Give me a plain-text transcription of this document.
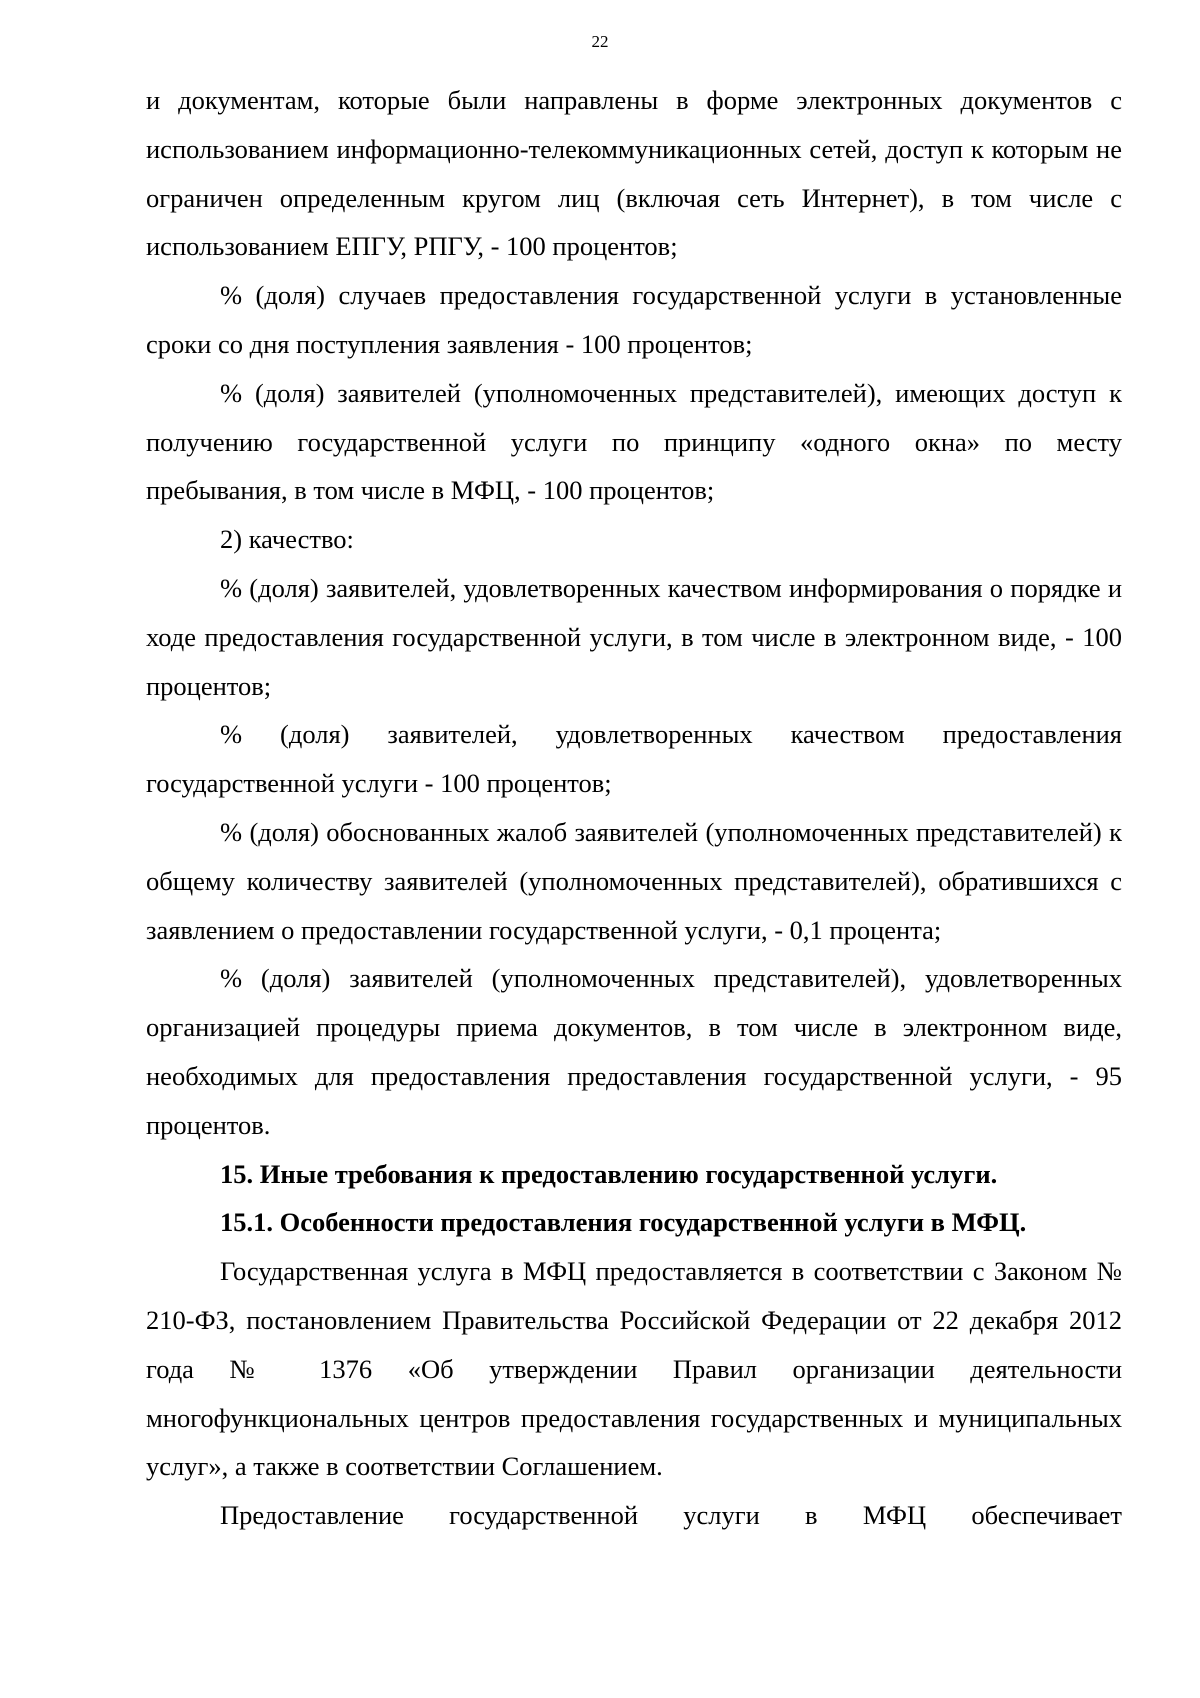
22

и документам, которые были направлены в форме электронных документов с использованием информационно-телекоммуникационных сетей, доступ к которым не ограничен определенным кругом лиц (включая сеть Интернет), в том числе с использованием ЕПГУ, РПГУ, - 100 процентов;

% (доля) случаев предоставления государственной услуги в установленные сроки со дня поступления заявления - 100 процентов;

% (доля) заявителей (уполномоченных представителей), имеющих доступ к получению государственной услуги по принципу «одного окна» по месту пребывания, в том числе в МФЦ, - 100 процентов;

2) качество:

% (доля) заявителей, удовлетворенных качеством информирования о порядке и ходе предоставления государственной услуги, в том числе в электронном виде, - 100 процентов;

% (доля) заявителей, удовлетворенных качеством предоставления государственной услуги - 100 процентов;

% (доля) обоснованных жалоб заявителей (уполномоченных представителей) к общему количеству заявителей (уполномоченных представителей), обратившихся с заявлением о предоставлении государственной услуги, - 0,1 процента;

% (доля) заявителей (уполномоченных представителей), удовлетворенных организацией процедуры приема документов, в том числе в электронном виде, необходимых для предоставления предоставления государственной услуги, - 95 процентов.

15. Иные требования к предоставлению государственной услуги.

15.1. Особенности предоставления государственной услуги в МФЦ.

Государственная услуга в МФЦ предоставляется в соответствии с Законом № 210-ФЗ, постановлением Правительства Российской Федерации от 22 декабря 2012 года № 1376 «Об утверждении Правил организации деятельности многофункциональных центров предоставления государственных и муниципальных услуг», а также в соответствии Соглашением.

Предоставление государственной услуги в МФЦ обеспечивает
